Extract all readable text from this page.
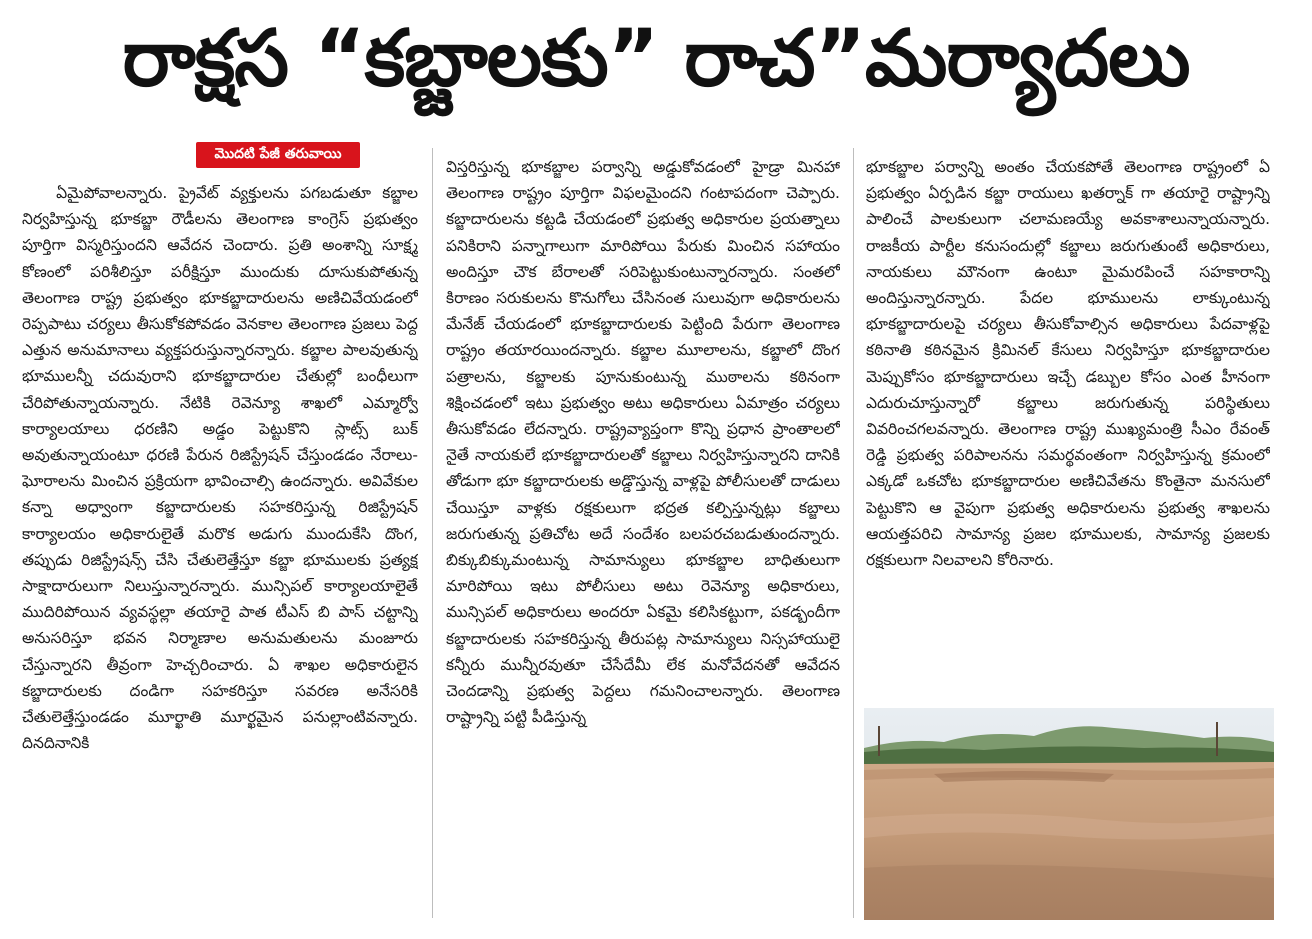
రాక్షస “కబ్జాలకు” రాచ”మర్యాదలు
మొదటి పేజీ తరువాయి

ఏమైపోవాలన్నారు. ప్రైవేట్ వ్యక్తులను పగబడుతూ కబ్జాల నిర్వహిస్తున్న భూకబ్జా రౌడీలను తెలంగాణ కాంగ్రెస్ ప్రభుత్వం పూర్తిగా విస్మరిస్తుందని ఆవేదన చెందారు. ప్రతి అంశాన్ని సూక్ష్మ కోణంలో పరిశీలిస్తూ పరీక్షిస్తూ ముందుకు దూసుకుపోతున్న తెలంగాణ రాష్ట్ర ప్రభుత్వం భూకబ్జాదారులను అణిచివేయడంలో రెప్పపాటు చర్యలు తీసుకోకపోవడం వెనకాల తెలంగాణ ప్రజలు పెద్ద ఎత్తున అనుమానాలు వ్యక్తపరుస్తున్నారన్నారు. కబ్జాల పాలవుతున్న భూములన్నీ చదువురాని భూకబ్జాదారుల చేతుల్లో బంధీలుగా చేరిపోతున్నాయన్నారు. నేటికి రెవెన్యూ శాఖలో ఎమ్మార్వో కార్యాలయాలు ధరణిని అడ్డం పెట్టుకొని స్లాట్స్ బుక్ అవుతున్నాయంటూ ధరణి పేరున రిజిస్ట్రేషన్ చేస్తుండడం నేరాలు-ఘోరాలను మించిన ప్రక్రియగా భావించాల్సి ఉందన్నారు. అవివేకుల కన్నా అధ్వాంగా కబ్జాదారులకు సహకరిస్తున్న రిజిస్ట్రేషన్ కార్యాలయం అధికారులైతే మరొక అడుగు ముందుకేసి దొంగ, తప్పుడు రిజిస్ట్రేషన్స్ చేసి చేతులెత్తేస్తూ కబ్జా భూములకు ప్రత్యక్ష సాక్షాదారులుగా నిలుస్తున్నారన్నారు. మున్సిపల్ కార్యాలయాలైతే ముదిరిపోయిన వ్యవస్థల్లా తయారై పాత టీఎస్ బి పాస్ చట్టాన్ని అనుసరిస్తూ భవన నిర్మాణాల అనుమతులను మంజూరు చేస్తున్నారని తీవ్రంగా హెచ్చరించారు. ఏ శాఖల అధికారులైన కబ్జాదారులకు దండిగా సహకరిస్తూ సవరణ అనేసరికి చేతులెత్తేస్తుండడం మూర్ఖాతి మూర్ఖమైన పనుల్లాంటివన్నారు. దినదినానికి

విస్తరిస్తున్న భూకబ్జాల పర్వాన్ని అడ్డుకోవడంలో హైడ్రా మినహా తెలంగాణ రాష్ట్రం పూర్తిగా విఫలమైందని గంటాపదంగా చెప్పారు. కబ్జాదారులను కట్టడి చేయడంలో ప్రభుత్వ అధికారుల ప్రయత్నాలు పనికిరాని పన్నాగాలుగా మారిపోయి పేరుకు మించిన సహాయం అందిస్తూ చౌక బేరాలతో సరిపెట్టుకుంటున్నారన్నారు. సంతలో కిరాణం సరుకులను కొనుగోలు చేసినంత సులువుగా అధికారులను మేనేజ్ చేయడంలో భూకబ్జాదారులకు పెట్టింది పేరుగా తెలంగాణ రాష్ట్రం తయారయిందన్నారు. కబ్జాల మూలాలను, కబ్జాలో దొంగ పత్రాలను, కబ్జాలకు పూనుకుంటున్న ముఠాలను కఠినంగా శిక్షించడంలో ఇటు ప్రభుత్వం అటు అధికారులు ఏమాత్రం చర్యలు తీసుకోవడం లేదన్నారు. రాష్ట్రవ్యాప్తంగా కొన్ని ప్రధాన ప్రాంతాలలో నైతే నాయకులే భూకబ్జాదారులతో కబ్జాలు నిర్వహిస్తున్నారని దానికి తోడుగా భూ కబ్జాదారులకు అడ్డొస్తున్న వాళ్లపై పోలీసులతో దాడులు చేయిస్తూ వాళ్లకు రక్షకులుగా భద్రత కల్పిస్తున్నట్లు కబ్జాలు జరుగుతున్న ప్రతిచోట అదే సందేశం బలపరచబడుతుందన్నారు. బిక్కుబిక్కుమంటున్న సామాన్యులు భూకబ్జాల బాధితులుగా మారిపోయి ఇటు పోలీసులు అటు రెవెన్యూ అధికారులు, మున్సిపల్ అధికారులు అందరూ ఏకమై కలిసికట్టుగా, పకడ్బందీగా కబ్జాదారులకు సహకరిస్తున్న తీరుపట్ల సామాన్యులు నిస్సహాయులై కన్నీరు మున్నీరవుతూ చేసేదేమీ లేక మనోవేదనతో ఆవేదన చెందడాన్ని ప్రభుత్వ పెద్దలు గమనించాలన్నారు. తెలంగాణ రాష్ట్రాన్ని పట్టి పీడిస్తున్న

భూకబ్జాల పర్వాన్ని అంతం చేయకపోతే తెలంగాణ రాష్ట్రంలో ఏ ప్రభుత్వం ఏర్పడిన కబ్జా రాయులు ఖతర్నాక్ గా తయారై రాష్ట్రాన్ని పాలించే పాలకులుగా చలామణయ్యే అవకాశాలున్నాయన్నారు. రాజకీయ పార్టీల కనుసందుల్లో కబ్జాలు జరుగుతుంటే అధికారులు, నాయకులు మౌనంగా ఉంటూ మైమరపించే సహకారాన్ని అందిస్తున్నారన్నారు. పేదల భూములను లాక్కుంటున్న భూకబ్జాదారులపై చర్యలు తీసుకోవాల్సిన అధికారులు పేదవాళ్లపై కఠినాతి కఠినమైన క్రిమినల్ కేసులు నిర్వహిస్తూ భూకబ్జాదారుల మెప్పుకోసం భూకబ్జాదారులు ఇచ్చే డబ్బుల కోసం ఎంత హీనంగా ఎదురుచూస్తున్నారో కబ్జాలు జరుగుతున్న పరిస్థితులు వివరించగలవన్నారు. తెలంగాణ రాష్ట్ర ముఖ్యమంత్రి సీఎం రేవంత్ రెడ్డి ప్రభుత్వ పరిపాలనను సమర్థవంతంగా నిర్వహిస్తున్న క్రమంలో ఎక్కడో ఒకచోట భూకబ్జాదారుల అణిచివేతను కొంతైనా మనసులో పెట్టుకొని ఆ వైపుగా ప్రభుత్వ అధికారులను ప్రభుత్వ శాఖలను ఆయత్తపరిచి సామాన్య ప్రజల భూములకు, సామాన్య ప్రజలకు రక్షకులుగా నిలవాలని కోరినారు.
